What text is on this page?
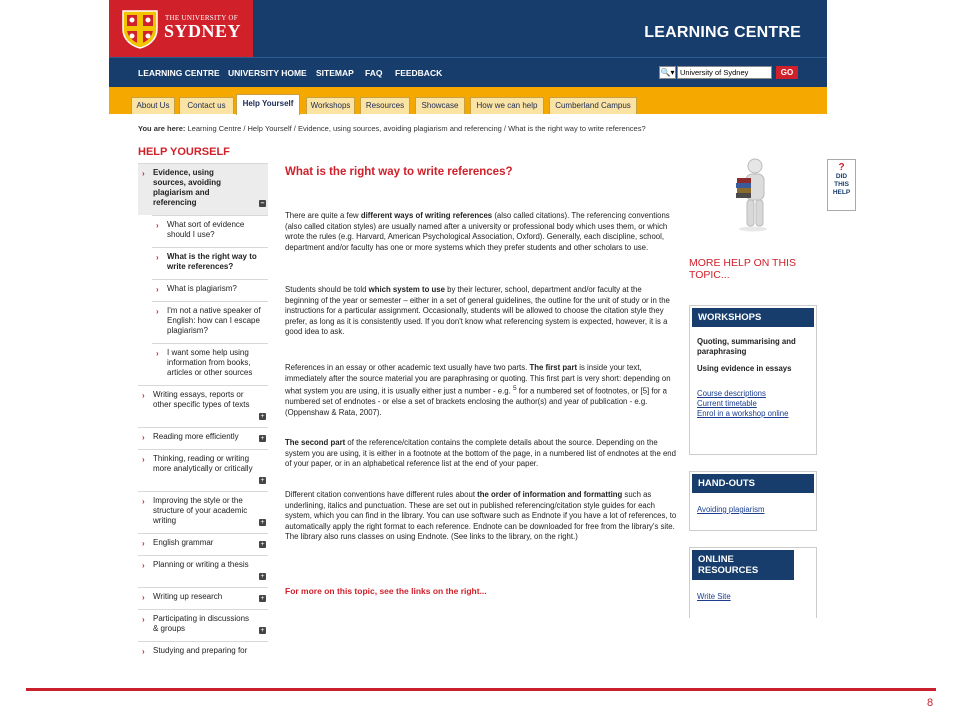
THE UNIVERSITY OF
SYDNEY	LEARNING CENTRE
LEARNING CENTRE UNIVERSITY HOME SITEMAP FAQ FEEDBACK	🔍▾
University of Sydney	GO
About Us	Contact us	Help Yourself	Workshops	Resources	Showcase	How we can help	Cumberland Campus
You are here: Learning Centre / Help Yourself / Evidence, using sources, avoiding plagiarism and referencing / What is the right way to write references?
HELP YOURSELF
› Evidence, using sources, avoiding plagiarism and referencing	–
› What sort of evidence should I use?
› What is the right way to write references?
› What is plagiarism?
› I'm not a native speaker of English: how can I escape plagiarism?
› I want some help using information from books, articles or other sources
› Writing essays, reports or other specific types of texts
+
› Reading more efficiently	+
› Thinking, reading or writing more analytically or critically
+
› Improving the style or the structure of your academic writing	+
› English grammar	+
› Planning or writing a thesis
+
› Writing up research	+
› Participating in discussions & groups	+
› Studying and preparing for
What is the right way to write references?
There are quite a few different ways of writing references (also called citations). The referencing conventions (also called citation styles) are usually named after a university or professional body which uses them, or which wrote the rules (e.g. Harvard, American Psychological Association, Oxford). Generally, each discipline, school, department and/or faculty has one or more systems which they prefer students and other scholars to use.
Students should be told which system to use by their lecturer, school, department and/or faculty at the beginning of the year or semester – either in a set of general guidelines, the outline for the unit of study or in the instructions for a particular assignment. Occasionally, students will be allowed to choose the citation style they prefer, as long as it is consistently used. If you don't know what referencing system is expected, however, it is a good idea to ask.
References in an essay or other academic text usually have two parts. The first part is inside your text, immediately after the source material you are paraphrasing or quoting. This first part is very short: depending on what system you are using, it is usually either just a number - e.g. $^5$ for a numbered set of footnotes, or [5] for a numbered set of endnotes - or else a set of brackets enclosing the author(s) and year of publication - e.g. (Oppenshaw & Rata, 2007).
The second part of the reference/citation contains the complete details about the source. Depending on the system you are using, it is either in a footnote at the bottom of the page, in a numbered list of endnotes at the end of your paper, or in an alphabetical reference list at the end of your paper.
Different citation conventions have different rules about the order of information and formatting such as underlining, italics and punctuation. These are set out in published referencing/citation style guides for each system, which you can find in the library. You can use software such as Endnote if you have a lot of references, to automatically apply the right format to each reference. Endnote can be downloaded for free from the library's site. The library also runs classes on using Endnote. (See links to the library, on the right.)
For more on this topic, see the links on the right...
MORE HELP ON THIS TOPIC...
WORKSHOPS
Quoting, summarising and paraphrasing
Using evidence in essays
Course descriptions
Current timetable
Enrol in a workshop online
HAND-OUTS
Avoiding plagiarism
ONLINE RESOURCES
Write Site
?
DID
THIS
HELP
8
